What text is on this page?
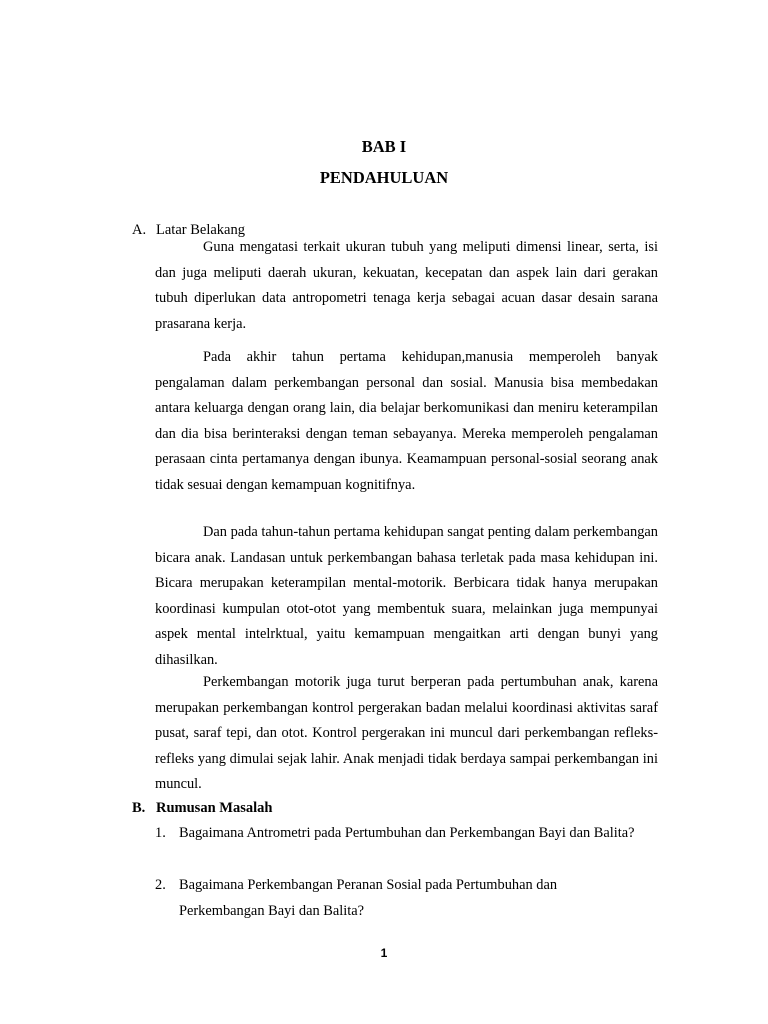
BAB I
PENDAHULUAN
A. Latar Belakang

Guna mengatasi terkait ukuran tubuh yang meliputi dimensi linear, serta, isi dan juga meliputi daerah ukuran, kekuatan, kecepatan dan aspek lain dari gerakan tubuh diperlukan data antropometri tenaga kerja sebagai acuan dasar desain sarana prasarana kerja.

Pada akhir tahun pertama kehidupan,manusia memperoleh banyak pengalaman dalam perkembangan personal dan sosial. Manusia bisa membedakan antara keluarga dengan orang lain, dia belajar berkomunikasi dan meniru keterampilan dan dia bisa berinteraksi dengan teman sebayanya. Mereka memperoleh pengalaman perasaan cinta pertamanya dengan ibunya. Keamampuan personal-sosial seorang anak tidak sesuai dengan kemampuan kognitifnya.

Dan pada tahun-tahun pertama kehidupan sangat penting dalam perkembangan bicara anak. Landasan untuk perkembangan bahasa terletak pada masa kehidupan ini. Bicara merupakan keterampilan mental-motorik. Berbicara tidak hanya merupakan koordinasi kumpulan otot-otot yang membentuk suara, melainkan juga mempunyai aspek mental intelrktual, yaitu kemampuan mengaitkan arti dengan bunyi yang dihasilkan.

Perkembangan motorik juga turut berperan pada pertumbuhan anak, karena merupakan perkembangan kontrol pergerakan badan melalui koordinasi aktivitas saraf pusat, saraf tepi, dan otot. Kontrol pergerakan ini muncul dari perkembangan refleks-refleks yang dimulai sejak lahir. Anak menjadi tidak berdaya sampai perkembangan ini muncul.

B. Rumusan Masalah
1. Bagaimana Antrometri pada Pertumbuhan dan Perkembangan Bayi dan Balita?
2. Bagaimana Perkembangan Peranan Sosial pada Pertumbuhan dan Perkembangan Bayi dan Balita?
1
